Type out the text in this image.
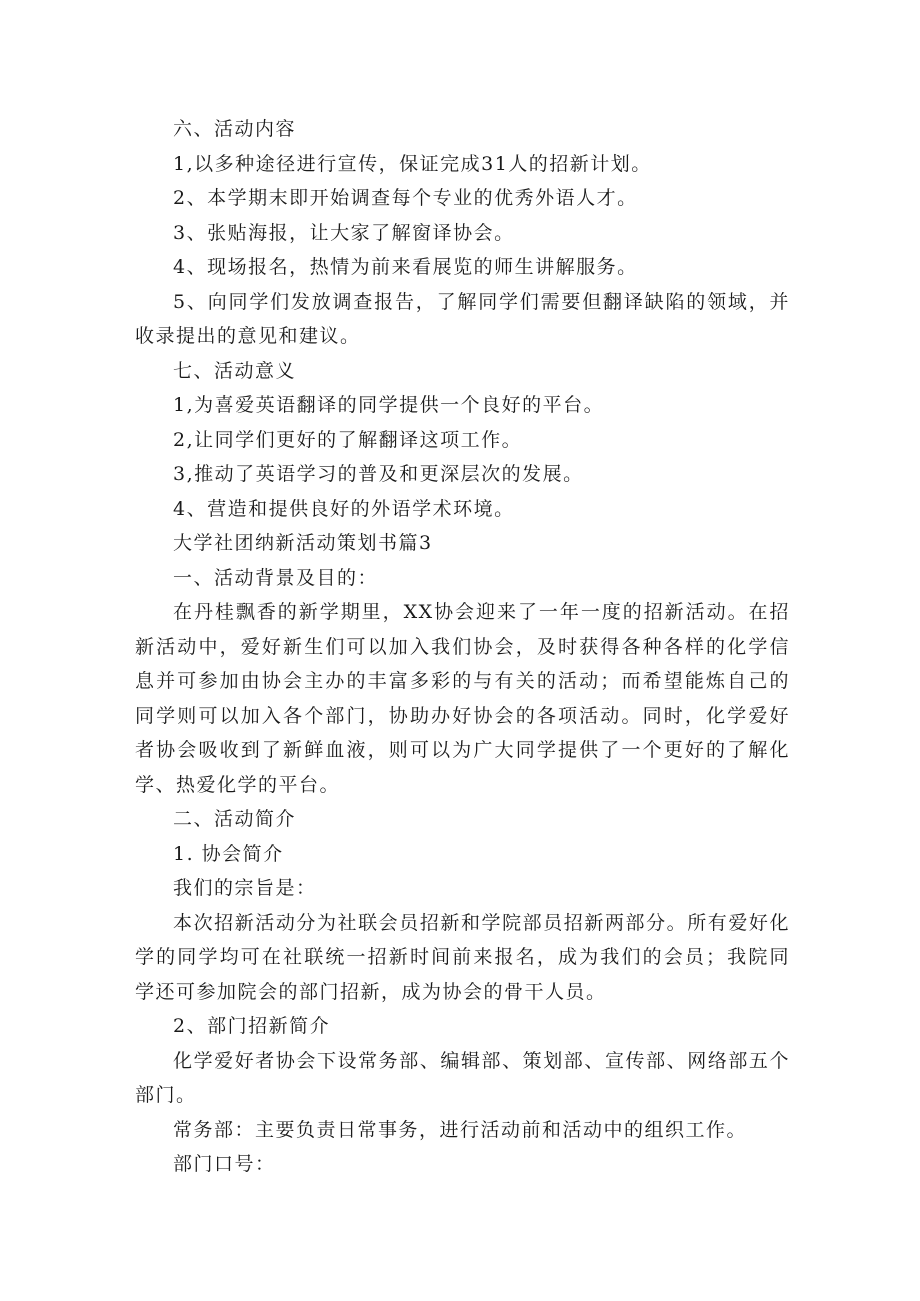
六、活动内容

1,以多种途径进行宣传，保证完成31人的招新计划。

2、本学期末即开始调查每个专业的优秀外语人才。

3、张贴海报，让大家了解窗译协会。

4、现场报名，热情为前来看展览的师生讲解服务。

5、向同学们发放调查报告，了解同学们需要但翻译缺陷的领域，并收录提出的意见和建议。

七、活动意义

1,为喜爱英语翻译的同学提供一个良好的平台。

2,让同学们更好的了解翻译这项工作。

3,推动了英语学习的普及和更深层次的发展。

4、营造和提供良好的外语学术环境。

大学社团纳新活动策划书篇3

一、活动背景及目的：

在丹桂飘香的新学期里，XX协会迎来了一年一度的招新活动。在招新活动中，爱好新生们可以加入我们协会，及时获得各种各样的化学信息并可参加由协会主办的丰富多彩的与有关的活动；而希望能炼自己的同学则可以加入各个部门，协助办好协会的各项活动。同时，化学爱好者协会吸收到了新鲜血液，则可以为广大同学提供了一个更好的了解化学、热爱化学的平台。

二、活动简介

1. 协会简介

我们的宗旨是：

本次招新活动分为社联会员招新和学院部员招新两部分。所有爱好化学的同学均可在社联统一招新时间前来报名，成为我们的会员；我院同学还可参加院会的部门招新，成为协会的骨干人员。

2、部门招新简介

化学爱好者协会下设常务部、编辑部、策划部、宣传部、网络部五个部门。

常务部：主要负责日常事务，进行活动前和活动中的组织工作。

部门口号：
